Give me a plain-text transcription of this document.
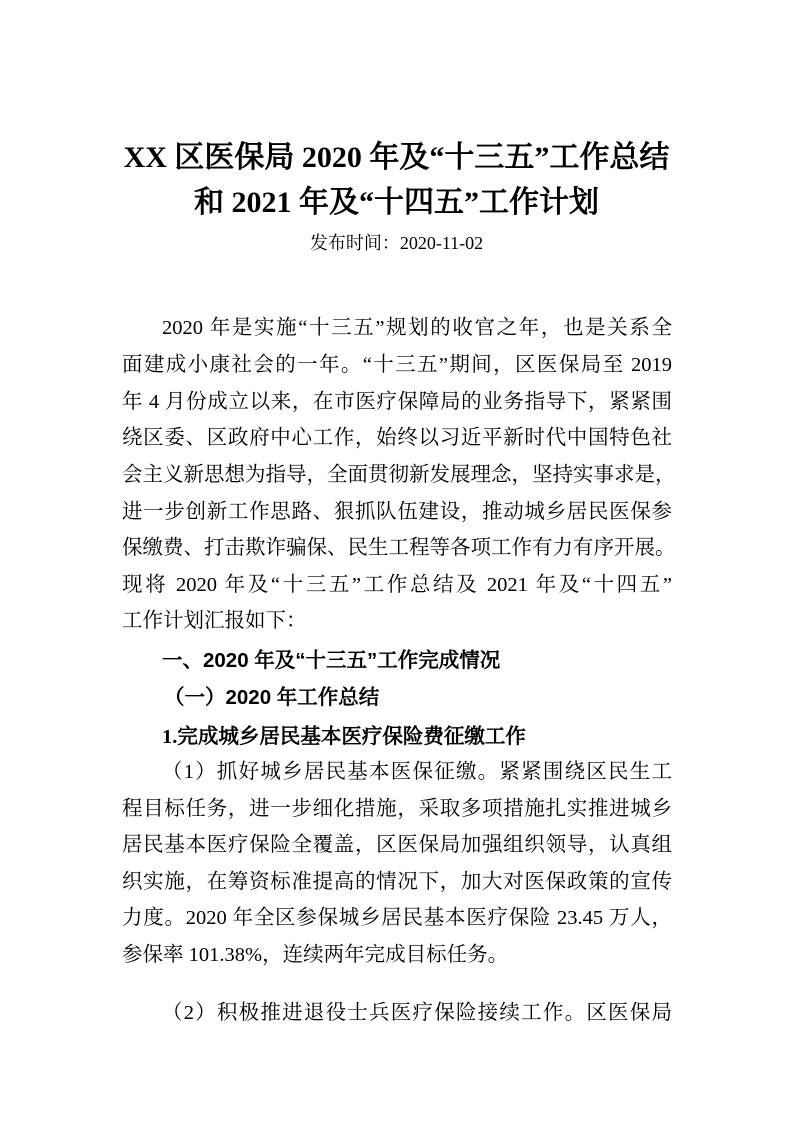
XX 区医保局 2020 年及“十三五”工作总结
和 2021 年及“十四五”工作计划
发布时间：2020-11-02
2020 年是实施“十三五”规划的收官之年，也是关系全
面建成小康社会的一年。“十三五”期间，区医保局至 2019
年 4 月份成立以来，在市医疗保障局的业务指导下，紧紧围
绕区委、区政府中心工作，始终以习近平新时代中国特色社
会主义新思想为指导，全面贯彻新发展理念，坚持实事求是，
进一步创新工作思路、狠抓队伍建设，推动城乡居民医保参
保缴费、打击欺诈骗保、民生工程等各项工作有力有序开展。
现将 2020 年及“十三五”工作总结及 2021 年及“十四五”
工作计划汇报如下：
一、2020 年及“十三五”工作完成情况
（一）2020 年工作总结
1.完成城乡居民基本医疗保险费征缴工作
（1）抓好城乡居民基本医保征缴。紧紧围绕区民生工
程目标任务，进一步细化措施，采取多项措施扎实推进城乡
居民基本医疗保险全覆盖，区医保局加强组织领导，认真组
织实施，在筹资标准提高的情况下，加大对医保政策的宣传
力度。2020 年全区参保城乡居民基本医疗保险 23.45 万人，
参保率 101.38%，连续两年完成目标任务。
（2）积极推进退役士兵医疗保险接续工作。区医保局
